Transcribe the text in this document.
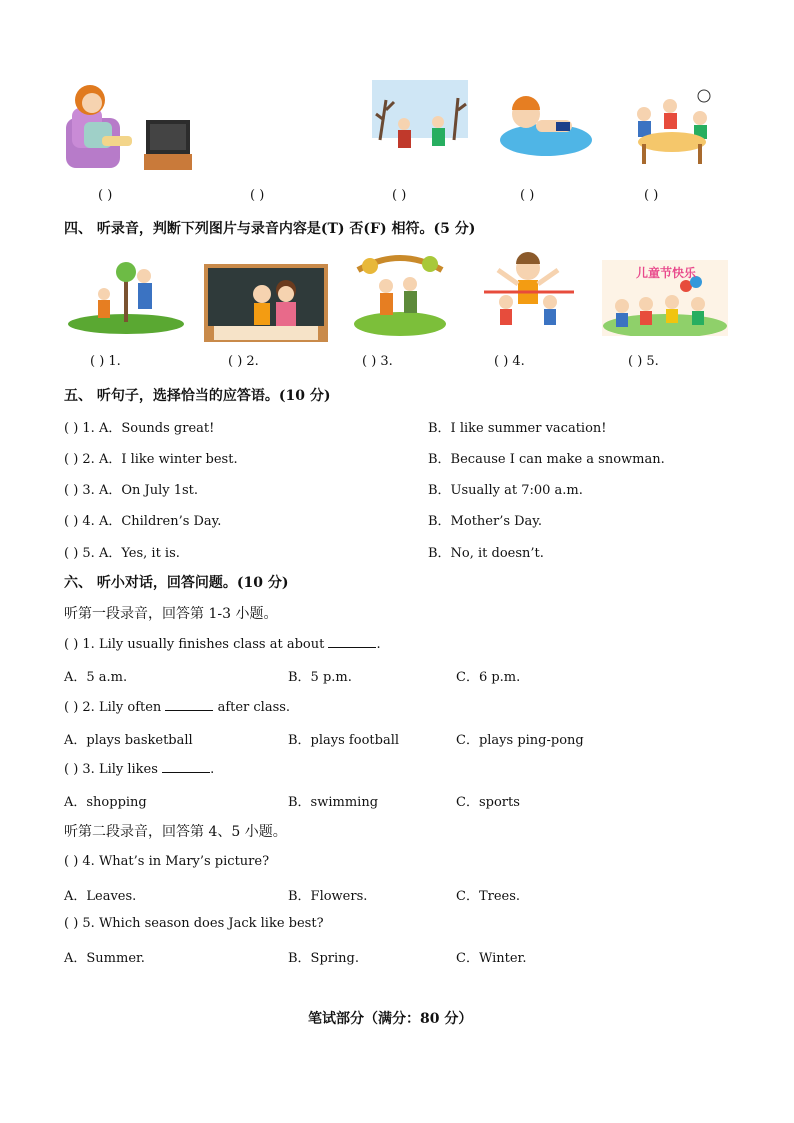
( )	( )	( )	( )	( )
四、 听录音，判断下列图片与录音内容是(T) 否(F) 相符。(5 分)
儿童节快乐
( ) 1.	( ) 2.	( ) 3.	( ) 4.	( ) 5.
五、 听句子，选择恰当的应答语。(10 分)
( ) 1. A．Sounds great!	B．I like summer vacation!
( ) 2. A．I like winter best.	B．Because I can make a snowman.
( ) 3. A．On July 1st.	B．Usually at 7:00 a.m.
( ) 4. A．Children’s Day.	B．Mother’s Day.
( ) 5. A．Yes, it is.	B．No, it doesn’t.
六、 听小对话，回答问题。(10 分)
听第一段录音，回答第 1-3 小题。
( ) 1. Lily usually finishes class at about	.
A．5 a.m.	B．5 p.m.	C．6 p.m.
( ) 2. Lily often	after class.
A．plays basketball	B．plays football	C．plays ping-pong
( ) 3. Lily likes	.
A．shopping	B．swimming	C．sports
听第二段录音，回答第 4、5 小题。
( ) 4. What’s in Mary’s picture?
A．Leaves.	B．Flowers.	C．Trees.
( ) 5. Which season does Jack like best?
A．Summer.	B．Spring.	C．Winter.
笔试部分（满分：80 分）
